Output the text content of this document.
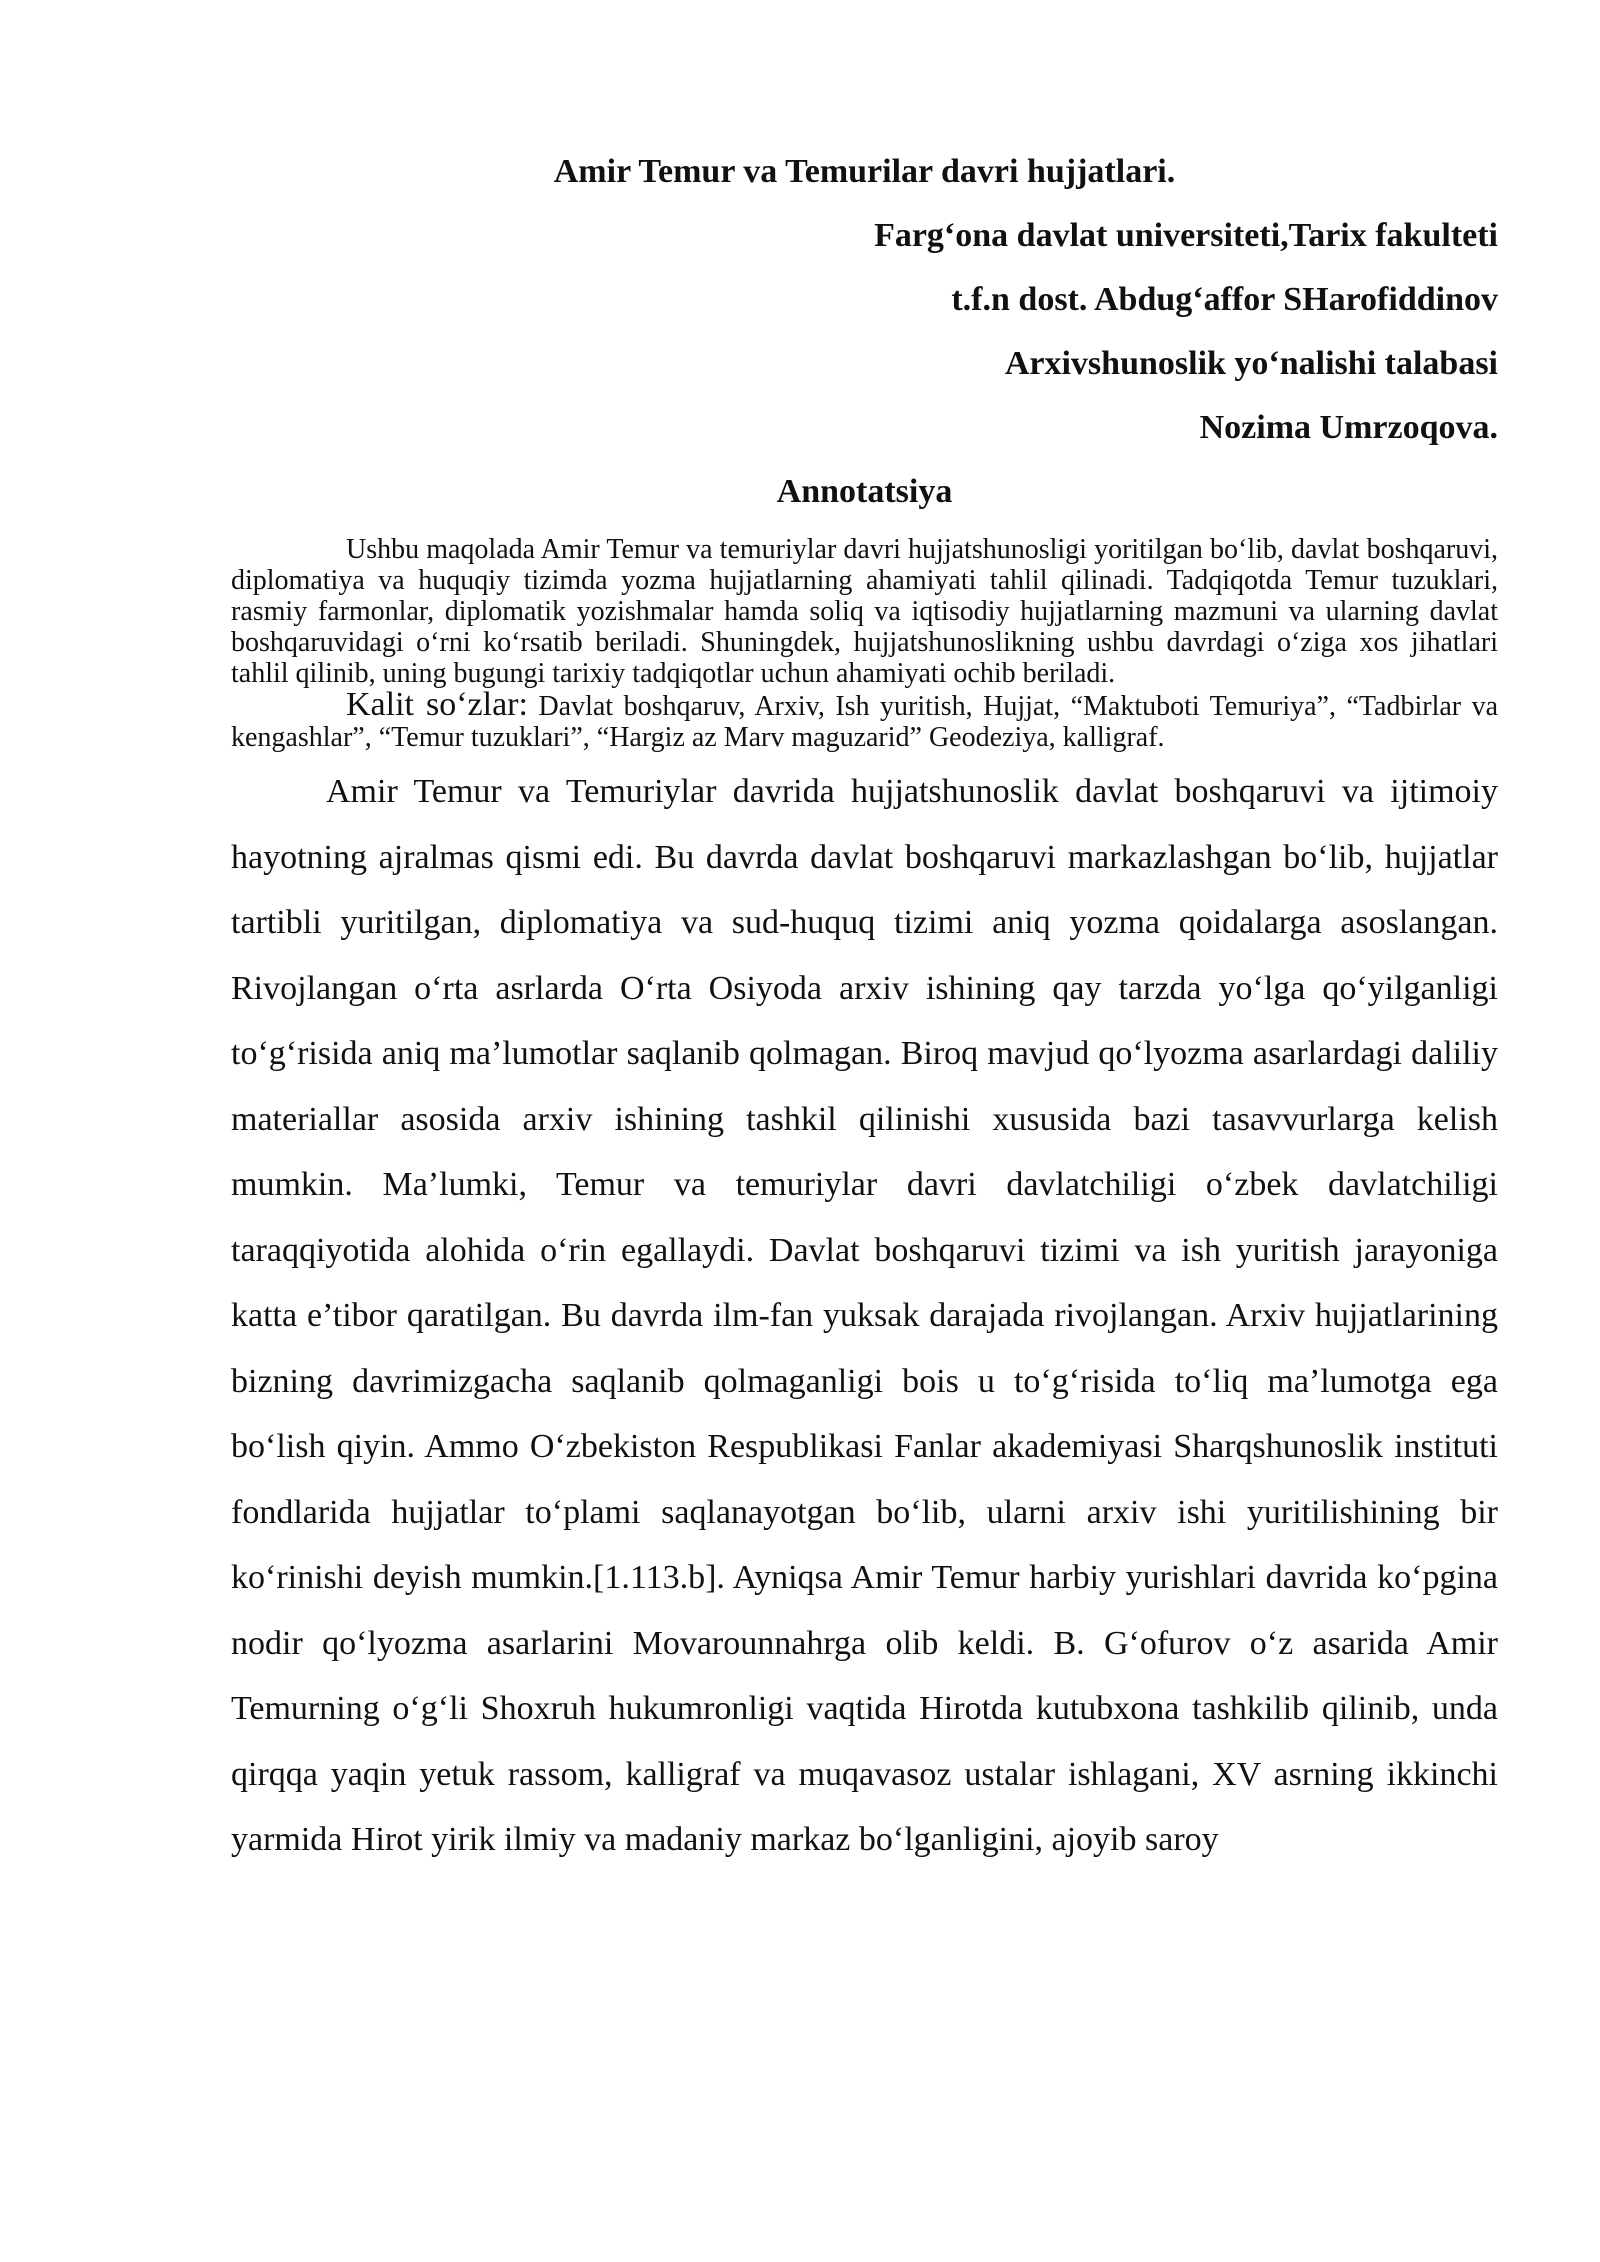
Amir Temur va Temurilar davri hujjatlari.
Farg‘ona davlat universiteti,Tarix fakulteti
t.f.n dost. Abdug‘affor SHarofiddinov
Arxivshunoslik yo‘nalishi talabasi
Nozima Umrzoqova.
Annotatsiya

Ushbu maqolada Amir Temur va temuriylar davri hujjatshunosligi yoritilgan bo‘lib, davlat boshqaruvi, diplomatiya va huquqiy tizimda yozma hujjatlarning ahamiyati tahlil qilinadi. Tadqiqotda Temur tuzuklari, rasmiy farmonlar, diplomatik yozishmalar hamda soliq va iqtisodiy hujjatlarning mazmuni va ularning davlat boshqaruvidagi o‘rni ko‘rsatib beriladi. Shuningdek, hujjatshunoslikning ushbu davrdagi o‘ziga xos jihatlari tahlil qilinib, uning bugungi tarixiy tadqiqotlar uchun ahamiyati ochib beriladi.

Kalit so‘zlar: Davlat boshqaruv, Arxiv, Ish yuritish, Hujjat, “Maktuboti Temuriya”, “Tadbirlar va kengashlar”, “Temur tuzuklari”, “Hargiz az Marv maguzarid” Geodeziya, kalligraf.

Amir Temur va Temuriylar davrida hujjatshunoslik davlat boshqaruvi va ijtimoiy hayotning ajralmas qismi edi. Bu davrda davlat boshqaruvi markazlashgan bo‘lib, hujjatlar tartibli yuritilgan, diplomatiya va sud-huquq tizimi aniq yozma qoidalarga asoslangan. Rivojlangan o‘rta asrlarda O‘rta Osiyoda arxiv ishining qay tarzda yo‘lga qo‘yilganligi to‘g‘risida aniq ma’lumotlar saqlanib qolmagan. Biroq mavjud qo‘lyozma asarlardagi daliliy materiallar asosida arxiv ishining tashkil qilinishi xususida bazi tasavvurlarga kelish mumkin. Ma’lumki, Temur va temuriylar davri davlatchiligi o‘zbek davlatchiligi taraqqiyotida alohida o‘rin egallaydi. Davlat boshqaruvi tizimi va ish yuritish jarayoniga katta e’tibor qaratilgan. Bu davrda ilm-fan yuksak darajada rivojlangan. Arxiv hujjatlarining bizning davrimizgacha saqlanib qolmaganligi bois u to‘g‘risida to‘liq ma’lumotga ega bo‘lish qiyin. Ammo O‘zbekiston Respublikasi Fanlar akademiyasi Sharqshunoslik instituti fondlarida hujjatlar to‘plami saqlanayotgan bo‘lib, ularni arxiv ishi yuritilishining bir ko‘rinishi deyish mumkin.[1.113.b]. Ayniqsa Amir Temur harbiy yurishlari davrida ko‘pgina nodir qo‘lyozma asarlarini Movarounnahrga olib keldi. B. G‘ofurov o‘z asarida Amir Temurning o‘g‘li Shoxruh hukumronligi vaqtida Hirotda kutubxona tashkilib qilinib, unda qirqqa yaqin yetuk rassom, kalligraf va muqavasoz ustalar ishlagani, XV asrning ikkinchi yarmida Hirot yirik ilmiy va madaniy markaz bo‘lganligini, ajoyib saroy
